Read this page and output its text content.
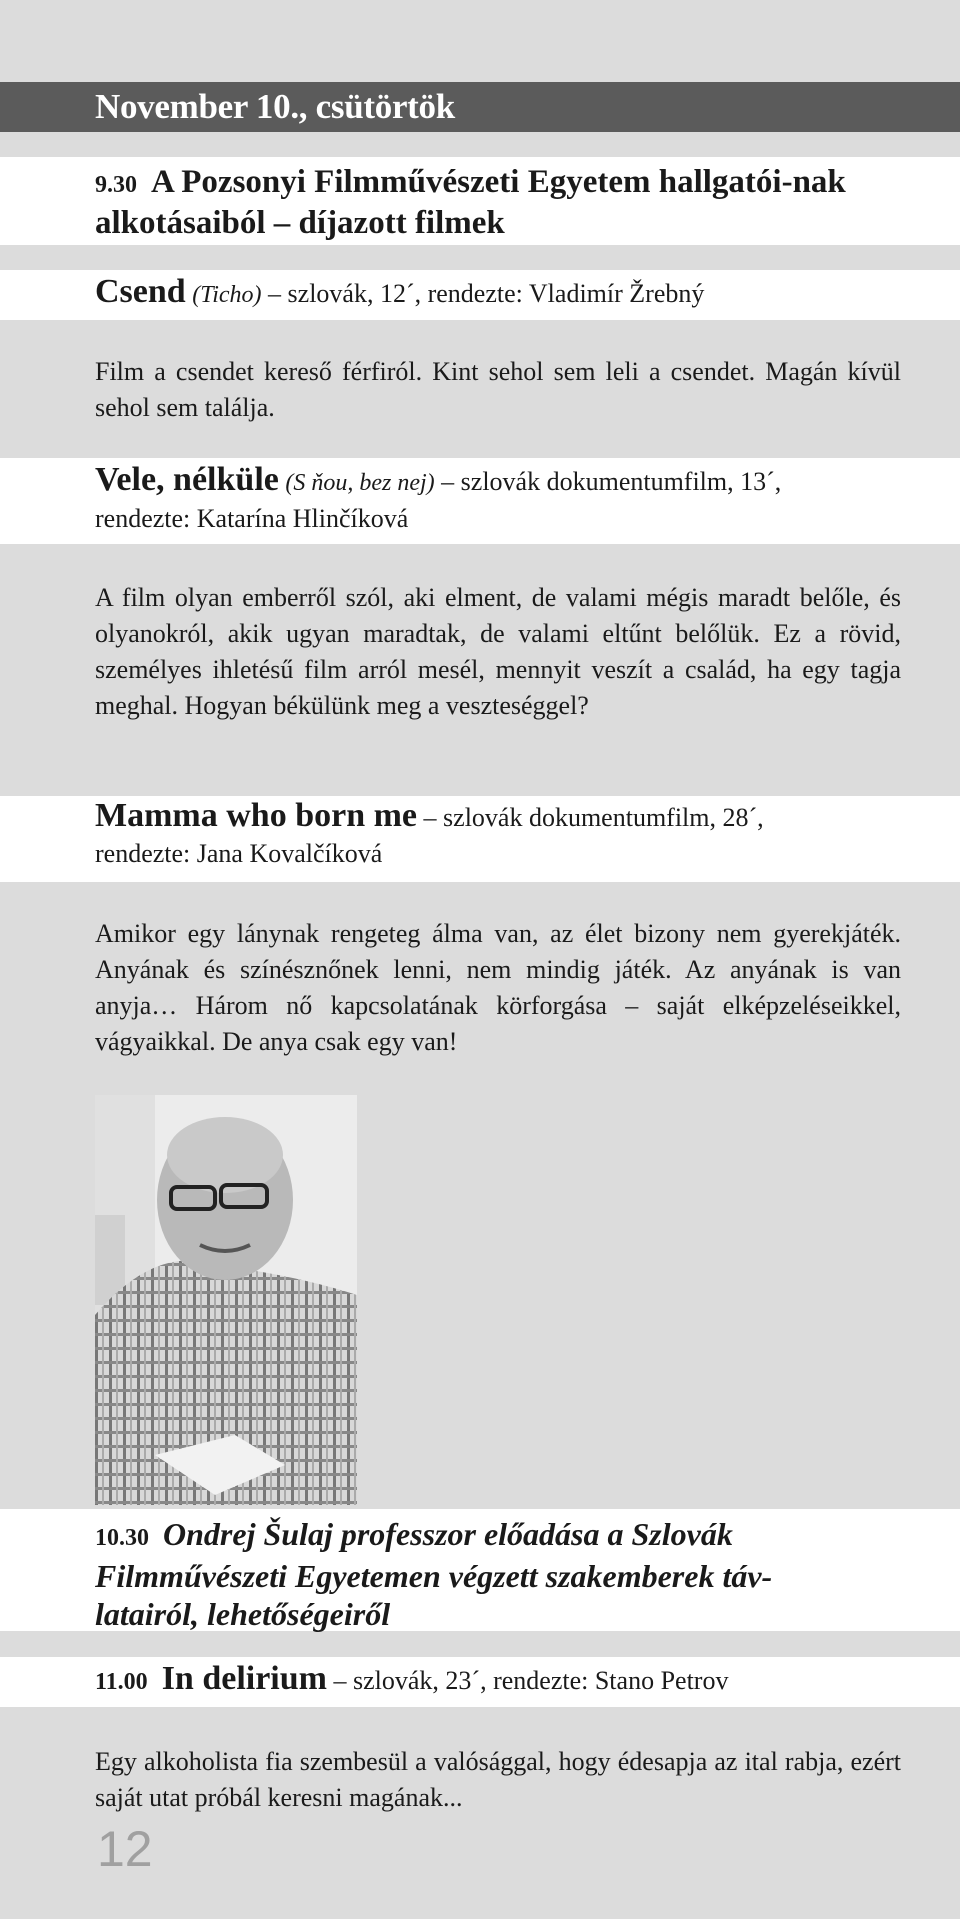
November 10., csütörtök
9.30 A Pozsonyi Filmművészeti Egyetem hallgatói-nak alkotásaiból – díjazott filmek
Csend (Ticho) – szlovák, 12´, rendezte: Vladimír Žrebný
Film a csendet kereső férfiról. Kint sehol sem leli a csendet. Magán kívül sehol sem találja.
Vele, nélküle (S ňou, bez nej) – szlovák dokumentumfilm, 13´, rendezte: Katarína Hlinčíková
A film olyan emberről szól, aki elment, de valami mégis maradt belőle, és olyanokról, akik ugyan maradtak, de valami eltűnt belőlük. Ez a rövid, személyes ihletésű film arról mesél, mennyit veszít a család, ha egy tagja meghal. Hogyan békülünk meg a veszteséggel?
Mamma who born me – szlovák dokumentumfilm, 28´, rendezte: Jana Kovalčíková
Amikor egy lánynak rengeteg álma van, az élet bizony nem gyerekjáték. Anyának és színésznőnek lenni, nem mindig játék. Az anyának is van anyja… Három nő kapcsolatának körforgása – saját elképzeléseikkel, vágyaikkal. De anya csak egy van!
10.30 Ondrej Šulaj professzor előadása a Szlovák Filmművészeti Egyetemen végzett szakemberek táv-latairól, lehetőségeiről
11.00 In delirium – szlovák, 23´, rendezte: Stano Petrov
Egy alkoholista fia szembesül a valósággal, hogy édesapja az ital rabja, ezért saját utat próbál keresni magának...
12
